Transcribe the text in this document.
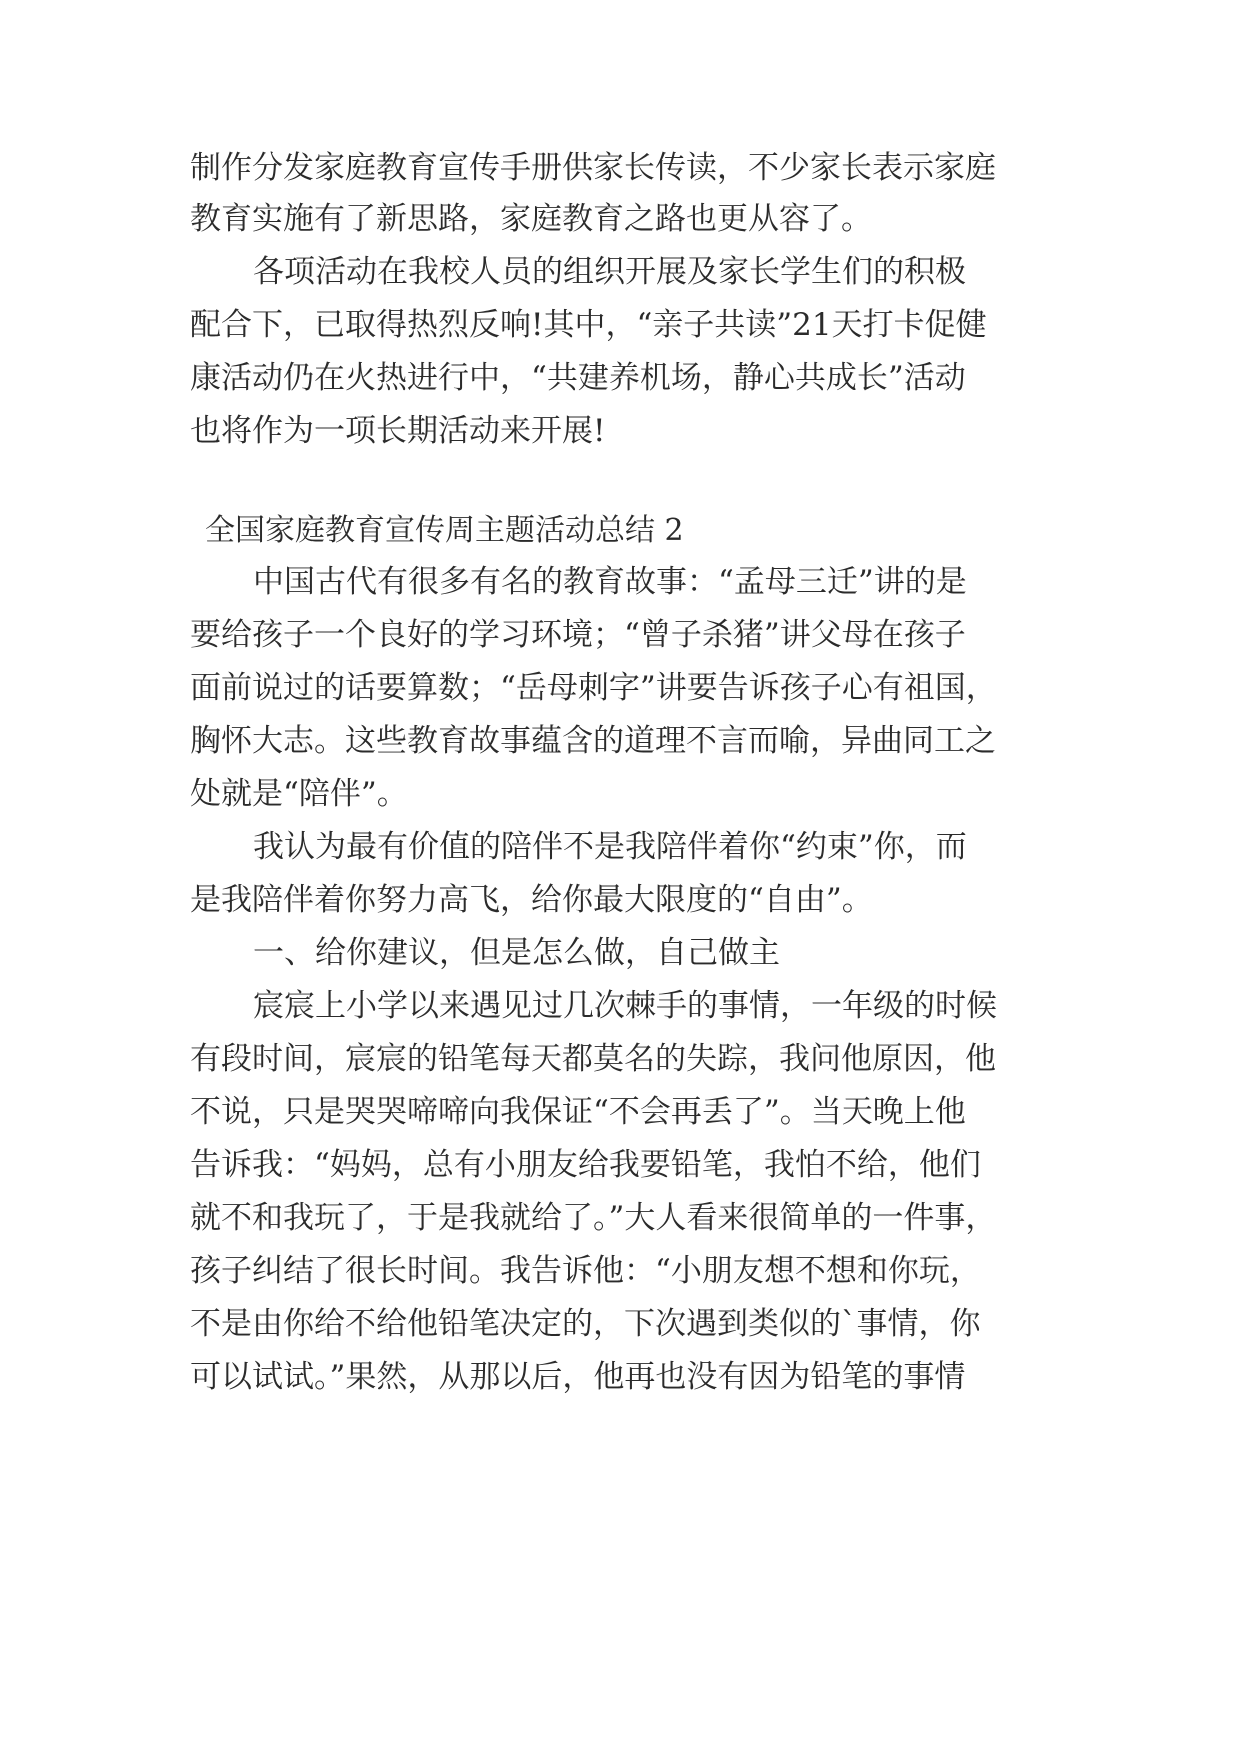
制作分发家庭教育宣传手册供家长传读，不少家长表示家庭
教育实施有了新思路，家庭教育之路也更从容了。
各项活动在我校人员的组织开展及家长学生们的积极
配合下，已取得热烈反响!其中，“亲子共读”21天打卡促健
康活动仍在火热进行中，“共建养机场，静心共成长”活动
也将作为一项长期活动来开展!
全国家庭教育宣传周主题活动总结 2
中国古代有很多有名的教育故事：“孟母三迁”讲的是
要给孩子一个良好的学习环境；“曾子杀猪”讲父母在孩子
面前说过的话要算数；“岳母刺字”讲要告诉孩子心有祖国，
胸怀大志。这些教育故事蕴含的道理不言而喻，异曲同工之
处就是“陪伴”。
我认为最有价值的陪伴不是我陪伴着你“约束”你，而
是我陪伴着你努力高飞，给你最大限度的“自由”。
一、给你建议，但是怎么做，自己做主
宸宸上小学以来遇见过几次棘手的事情，一年级的时候
有段时间，宸宸的铅笔每天都莫名的失踪，我问他原因，他
不说，只是哭哭啼啼向我保证“不会再丢了”。当天晚上他
告诉我：“妈妈，总有小朋友给我要铅笔，我怕不给，他们
就不和我玩了，于是我就给了。”大人看来很简单的一件事，
孩子纠结了很长时间。我告诉他：“小朋友想不想和你玩，
不是由你给不给他铅笔决定的，下次遇到类似的`事情，你
可以试试。”果然，从那以后，他再也没有因为铅笔的事情
